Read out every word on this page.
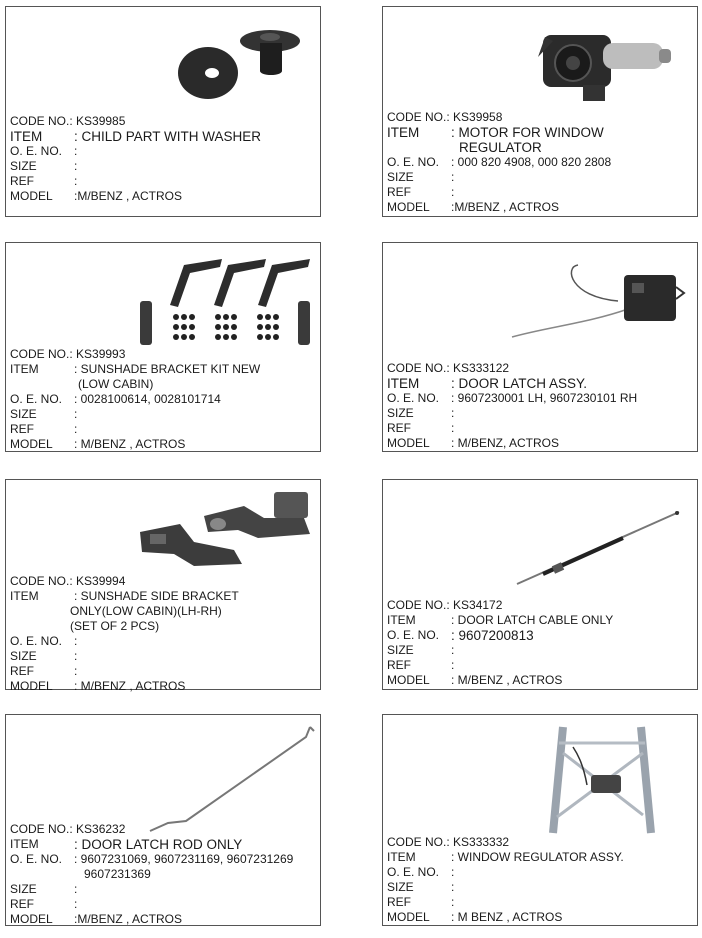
CODE NO.:
KS39985
ITEM	: CHILD PART WITH WASHER
O. E. NO. :
SIZE	:
REF	:
MODEL	:M/BENZ , ACTROS
CODE NO.:
KS39958
ITEM	: MOTOR FOR WINDOW
REGULATOR
O. E. NO. : 000 820 4908, 000 820 2808
SIZE	:
REF	:
MODEL	:M/BENZ , ACTROS
CODE NO.:
KS39993
ITEM	: SUNSHADE BRACKET KIT NEW
(LOW CABIN)
O. E. NO. : 0028100614, 0028101714
SIZE	:
REF	:
MODEL	: M/BENZ , ACTROS
CODE NO.:
KS333122
ITEM	: DOOR LATCH ASSY.
O. E. NO. : 9607230001 LH, 9607230101 RH
SIZE	:
REF	:
MODEL	: M/BENZ, ACTROS
CODE NO.:
KS39994
ITEM	: SUNSHADE SIDE BRACKET
ONLY(LOW CABIN)(LH-RH)
(SET OF 2 PCS)
O. E. NO. :
SIZE	:
REF	:
MODEL	: M/BENZ , ACTROS
CODE NO.:
KS34172
ITEM	: DOOR LATCH CABLE ONLY
O. E. NO. : 9607200813
SIZE	:
REF	:
MODEL	: M/BENZ , ACTROS
CODE NO.:
KS36232
ITEM	: DOOR LATCH ROD ONLY
O. E. NO. : 9607231069, 9607231169, 9607231269
9607231369
SIZE	:
REF	:
MODEL	:M/BENZ , ACTROS
CODE NO.:
KS333332
ITEM	: WINDOW REGULATOR ASSY.
O. E. NO. :
SIZE	:
REF	:
MODEL	: M BENZ , ACTROS
